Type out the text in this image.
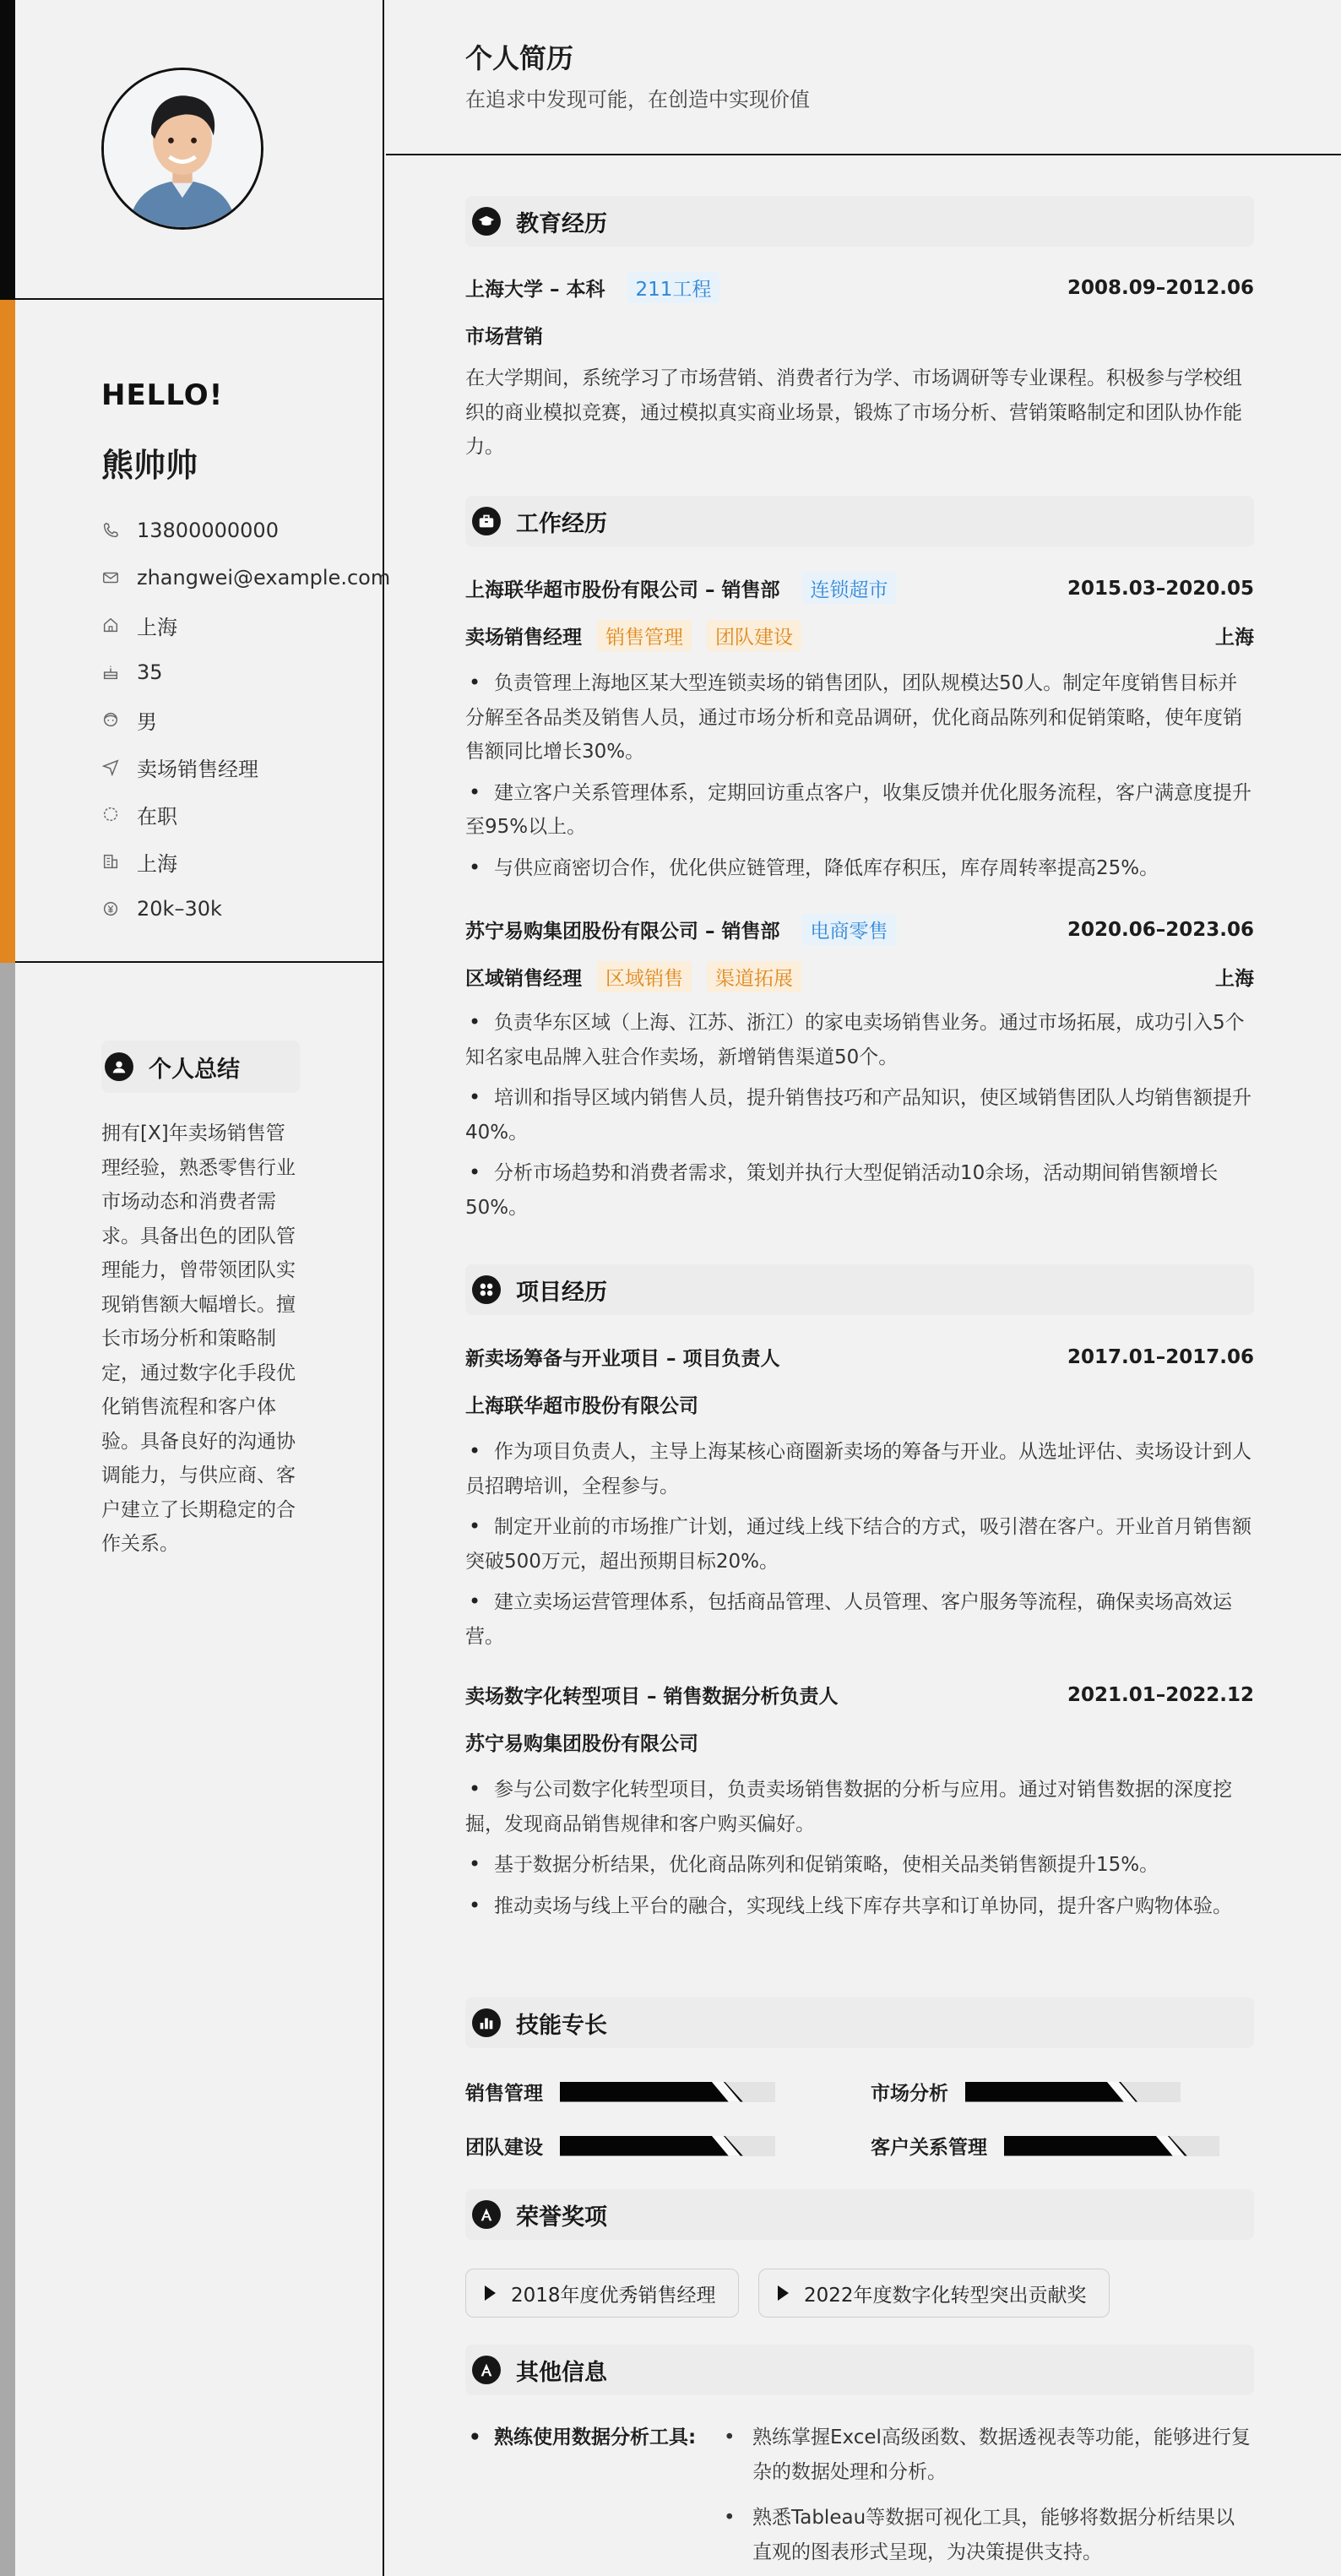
HELLO!
熊帅帅
13800000000
zhangwei@example.com
上海
35
男
卖场销售经理
在职
上海
20k–30k
个人总结

拥有[X]年卖场销售管理经验，熟悉零售行业市场动态和消费者需求。具备出色的团队管理能力，曾带领团队实现销售额大幅增长。擅长市场分析和策略制定，通过数字化手段优化销售流程和客户体验。具备良好的沟通协调能力，与供应商、客户建立了长期稳定的合作关系。

个人简历

在追求中发现可能，在创造中实现价值

教育经历
上海大学 – 本科	211工程	2008.09–2012.06
市场营销

在大学期间，系统学习了市场营销、消费者行为学、市场调研等专业课程。积极参与学校组织的商业模拟竞赛，通过模拟真实商业场景，锻炼了市场分析、营销策略制定和团队协作能力。

工作经历
上海联华超市股份有限公司 – 销售部	连锁超市	2015.03–2020.05
卖场销售经理	销售管理	团队建设	上海
• 负责管理上海地区某大型连锁卖场的销售团队，团队规模达50人。制定年度销售目标并分解至各品类及销售人员，通过市场分析和竞品调研，优化商品陈列和促销策略，使年度销售额同比增长30%。
• 建立客户关系管理体系，定期回访重点客户，收集反馈并优化服务流程，客户满意度提升至95%以上。
• 与供应商密切合作，优化供应链管理，降低库存积压，库存周转率提高25%。
苏宁易购集团股份有限公司 – 销售部	电商零售	2020.06–2023.06
区域销售经理	区域销售	渠道拓展	上海
• 负责华东区域（上海、江苏、浙江）的家电卖场销售业务。通过市场拓展，成功引入5个知名家电品牌入驻合作卖场，新增销售渠道50个。
• 培训和指导区域内销售人员，提升销售技巧和产品知识，使区域销售团队人均销售额提升40%。
• 分析市场趋势和消费者需求，策划并执行大型促销活动10余场，活动期间销售额增长50%。
项目经历
新卖场筹备与开业项目 – 项目负责人	2017.01–2017.06
上海联华超市股份有限公司
• 作为项目负责人，主导上海某核心商圈新卖场的筹备与开业。从选址评估、卖场设计到人员招聘培训，全程参与。
• 制定开业前的市场推广计划，通过线上线下结合的方式，吸引潜在客户。开业首月销售额突破500万元，超出预期目标20%。
• 建立卖场运营管理体系，包括商品管理、人员管理、客户服务等流程，确保卖场高效运营。
卖场数字化转型项目 – 销售数据分析负责人	2021.01–2022.12
苏宁易购集团股份有限公司
• 参与公司数字化转型项目，负责卖场销售数据的分析与应用。通过对销售数据的深度挖掘，发现商品销售规律和客户购买偏好。
• 基于数据分析结果，优化商品陈列和促销策略，使相关品类销售额提升15%。
• 推动卖场与线上平台的融合，实现线上线下库存共享和订单协同，提升客户购物体验。
技能专长
销售管理	市场分析
团队建设	客户关系管理
荣誉奖项
2018年度优秀销售经理	2022年度数字化转型突出贡献奖
其他信息
• 熟练使用数据分析工具:
•	熟练掌握Excel高级函数、数据透视表等功能，能够进行复杂的数据处理和分析。
• 熟悉Tableau等数据可视化工具，能够将数据分析结果以直观的图表形式呈现，为决策提供支持。
